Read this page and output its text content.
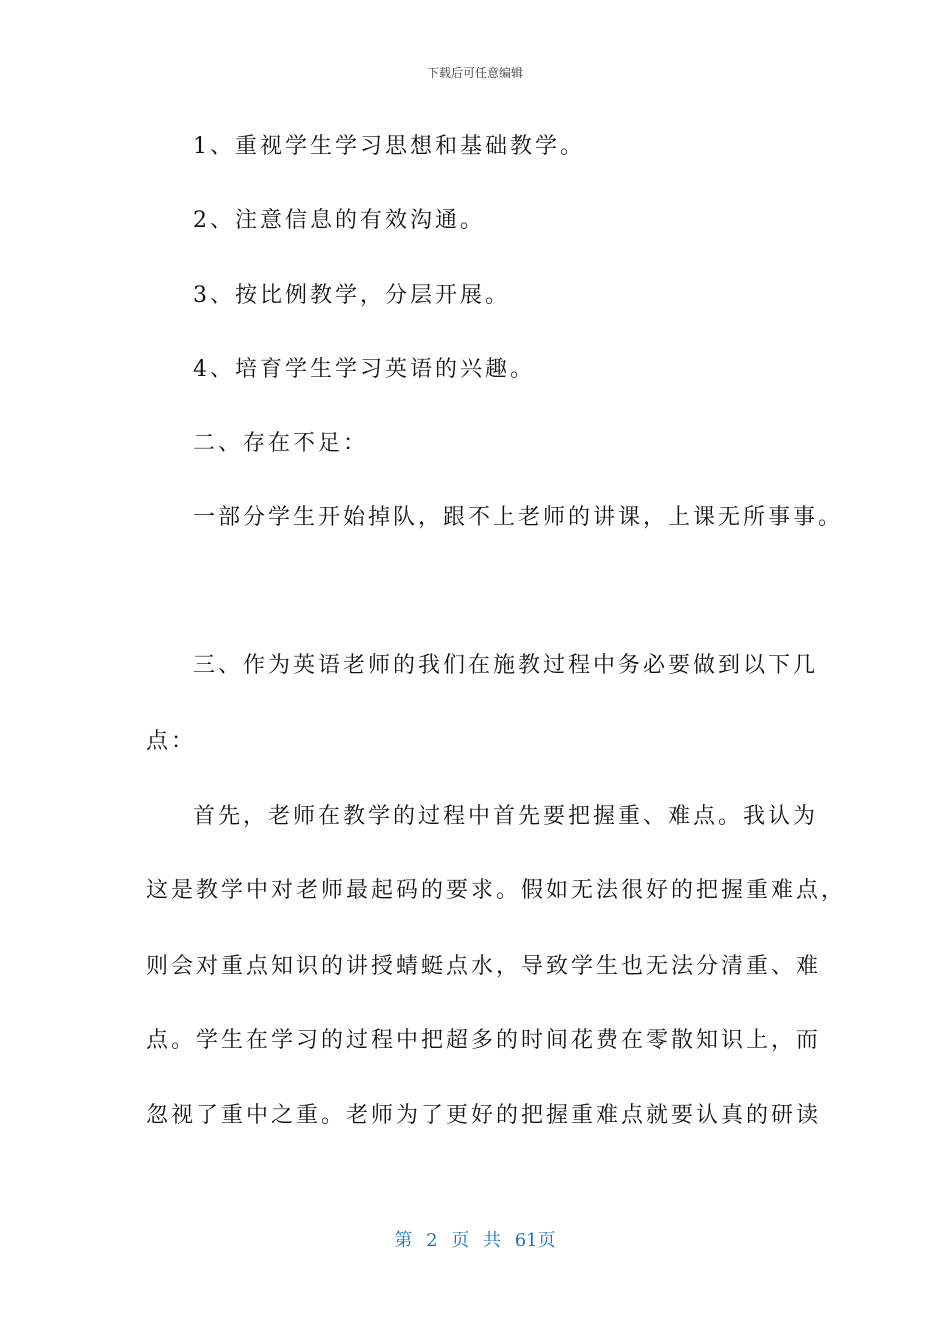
下载后可任意编辑
1、重视学生学习思想和基础教学。
2、注意信息的有效沟通。
3、按比例教学，分层开展。
4、培育学生学习英语的兴趣。
二、存在不足：
一部分学生开始掉队，跟不上老师的讲课，上课无所事事。
三、作为英语老师的我们在施教过程中务必要做到以下几
点：
首先，老师在教学的过程中首先要把握重、难点。我认为
这是教学中对老师最起码的要求。假如无法很好的把握重难点，
则会对重点知识的讲授蜻蜓点水，导致学生也无法分清重、难
点。学生在学习的过程中把超多的时间花费在零散知识上，而
忽视了重中之重。老师为了更好的把握重难点就要认真的研读
第 2 页 共 61页
